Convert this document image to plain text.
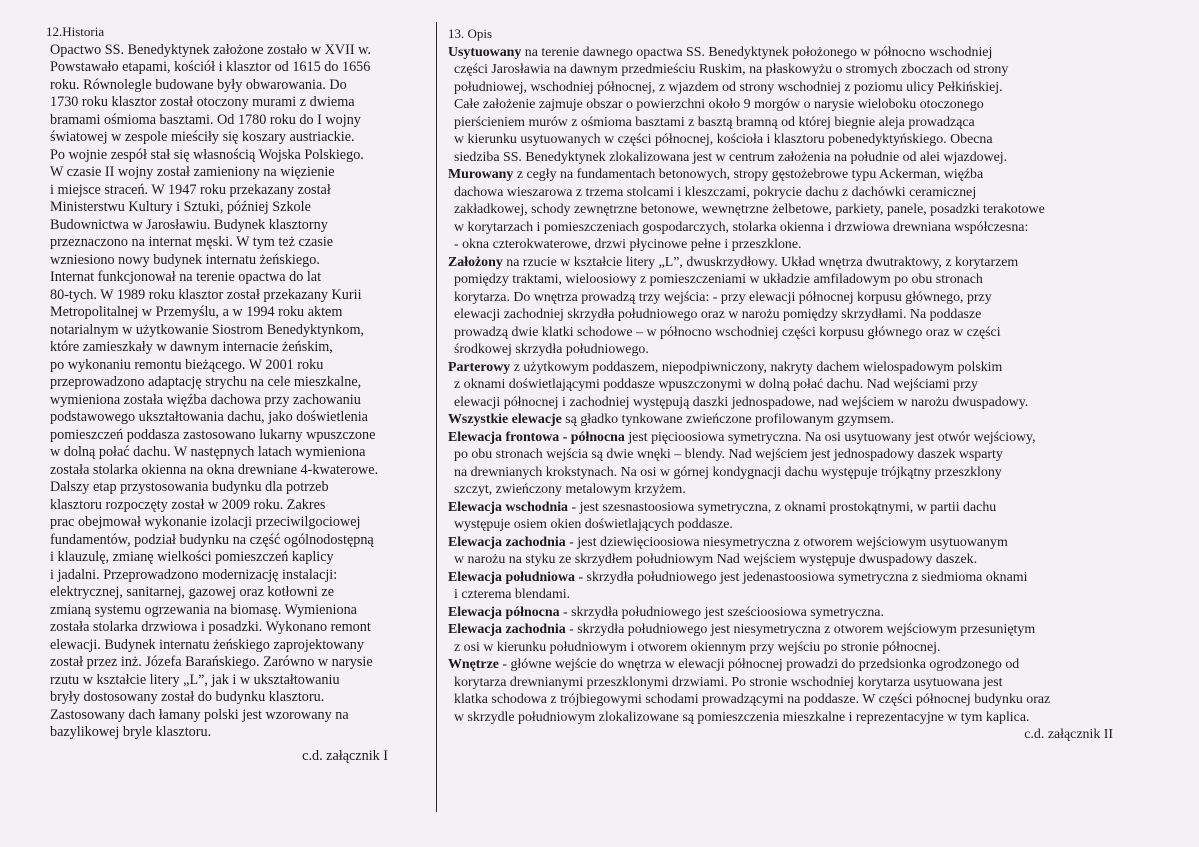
12.Historia

Opactwo SS. Benedyktynek założone zostało w XVII w.
Powstawało etapami, kościół i klasztor od 1615 do 1656
roku. Równolegle budowane były obwarowania. Do
1730 roku klasztor został otoczony murami z dwiema
bramami ośmioma basztami. Od 1780 roku do I wojny
światowej w zespole mieściły się koszary austriackie.
Po wojnie zespół stał się własnością Wojska Polskiego.
W czasie II wojny został zamieniony na więzienie
i miejsce straceń. W 1947 roku przekazany został
Ministerstwu Kultury i Sztuki, później Szkole
Budownictwa w Jarosławiu. Budynek klasztorny
przeznaczono na internat męski. W tym też czasie
wzniesiono nowy budynek internatu żeńskiego.
Internat funkcjonował na terenie opactwa do lat
80-tych. W 1989 roku klasztor został przekazany Kurii
Metropolitalnej w Przemyślu, a w 1994 roku aktem
notarialnym w użytkowanie Siostrom Benedyktynkom,
które zamieszkały w dawnym internacie żeńskim,
po wykonaniu remontu bieżącego. W 2001 roku
przeprowadzono adaptację strychu na cele mieszkalne,
wymieniona została więźba dachowa przy zachowaniu
podstawowego ukształtowania dachu, jako doświetlenia
pomieszczeń poddasza zastosowano lukarny wpuszczone
w dolną połać dachu. W następnych latach wymieniona
została stolarka okienna na okna drewniane 4-kwaterowe.
Dalszy etap przystosowania budynku dla potrzeb
klasztoru rozpoczęty został w 2009 roku. Zakres
prac obejmował wykonanie izolacji przeciwilgociowej
fundamentów, podział budynku na część ogólnodostępną
i klauzulę, zmianę wielkości pomieszczeń kaplicy
i jadalni. Przeprowadzono modernizację instalacji:
elektrycznej, sanitarnej, gazowej oraz kotłowni ze
zmianą systemu ogrzewania na biomasę. Wymieniona
została stolarka drzwiowa i posadzki. Wykonano remont
elewacji. Budynek internatu żeńskiego zaprojektowany
został przez inż. Józefa Barańskiego. Zarówno w narysie
rzutu w kształcie litery „L”, jak i w ukształtowaniu
bryły dostosowany został do budynku klasztoru.
Zastosowany dach łamany polski jest wzorowany na
bazylikowej bryle klasztoru.

c.d. załącznik I
13. Opis
Usytuowany na terenie dawnego opactwa SS. Benedyktynek położonego w północno wschodniej
części Jarosławia na dawnym przedmieściu Ruskim, na płaskowyżu o stromych zboczach od strony
południowej, wschodniej północnej, z wjazdem od strony wschodniej z poziomu ulicy Pełkińskiej.
Całe założenie zajmuje obszar o powierzchni około 9 morgów o narysie wieloboku otoczonego
pierścieniem murów z ośmioma basztami z basztą bramną od której biegnie aleja prowadząca
w kierunku usytuowanych w części północnej, kościoła i klasztoru pobenedyktyńskiego. Obecna
siedziba SS. Benedyktynek zlokalizowana jest w centrum założenia na południe od alei wjazdowej.
Murowany z cegły na fundamentach betonowych, stropy gęstożebrowe typu Ackerman, więźba
dachowa wieszarowa z trzema stolcami i kleszczami, pokrycie dachu z dachówki ceramicznej
zakładkowej, schody zewnętrzne betonowe, wewnętrzne żelbetowe, parkiety, panele, posadzki terakotowe
w korytarzach i pomieszczeniach gospodarczych, stolarka okienna i drzwiowa drewniana współczesna:
- okna czterokwaterowe, drzwi płycinowe pełne i przeszklone.
Założony na rzucie w kształcie litery „L”, dwuskrzydłowy. Układ wnętrza dwutraktowy, z korytarzem
pomiędzy traktami, wieloosiowy z pomieszczeniami w układzie amfiladowym po obu stronach
korytarza. Do wnętrza prowadzą trzy wejścia: - przy elewacji północnej korpusu głównego, przy
elewacji zachodniej skrzydła południowego oraz w narożu pomiędzy skrzydłami. Na poddasze
prowadzą dwie klatki schodowe – w północno wschodniej części korpusu głównego oraz w części
środkowej skrzydła południowego.
Parterowy z użytkowym poddaszem, niepodpiwniczony, nakryty dachem wielospadowym polskim
z oknami doświetlającymi poddasze wpuszczonymi w dolną połać dachu. Nad wejściami przy
elewacji północnej i zachodniej występują daszki jednospadowe, nad wejściem w narożu dwuspadowy.
Wszystkie elewacje są gładko tynkowane zwieńczone profilowanym gzymsem.
Elewacja frontowa - północna jest pięcioosiowa symetryczna. Na osi usytuowany jest otwór wejściowy,
po obu stronach wejścia są dwie wnęki – blendy. Nad wejściem jest jednospadowy daszek wsparty
na drewnianych krokstynach. Na osi w górnej kondygnacji dachu występuje trójkątny przeszklony
szczyt, zwieńczony metalowym krzyżem.
Elewacja wschodnia - jest szesnastoosiowa symetryczna, z oknami prostokątnymi, w partii dachu
występuje osiem okien doświetlających poddasze.
Elewacja zachodnia - jest dziewięcioosiowa niesymetryczna z otworem wejściowym usytuowanym
w narożu na styku ze skrzydłem południowym Nad wejściem występuje dwuspadowy daszek.
Elewacja południowa - skrzydła południowego jest jedenastoosiowa symetryczna z siedmioma oknami
i czterema blendami.
Elewacja północna - skrzydła południowego jest sześcioosiowa symetryczna.
Elewacja zachodnia - skrzydła południowego jest niesymetryczna z otworem wejściowym przesuniętym
z osi w kierunku południowym i otworem okiennym przy wejściu po stronie północnej.
Wnętrze - główne wejście do wnętrza w elewacji północnej prowadzi do przedsionka ogrodzonego od
korytarza drewnianymi przeszklonymi drzwiami. Po stronie wschodniej korytarza usytuowana jest
klatka schodowa z trójbiegowymi schodami prowadzącymi na poddasze. W części północnej budynku oraz
w skrzydle południowym zlokalizowane są pomieszczenia mieszkalne i reprezentacyjne w tym kaplica.
c.d. załącznik II
